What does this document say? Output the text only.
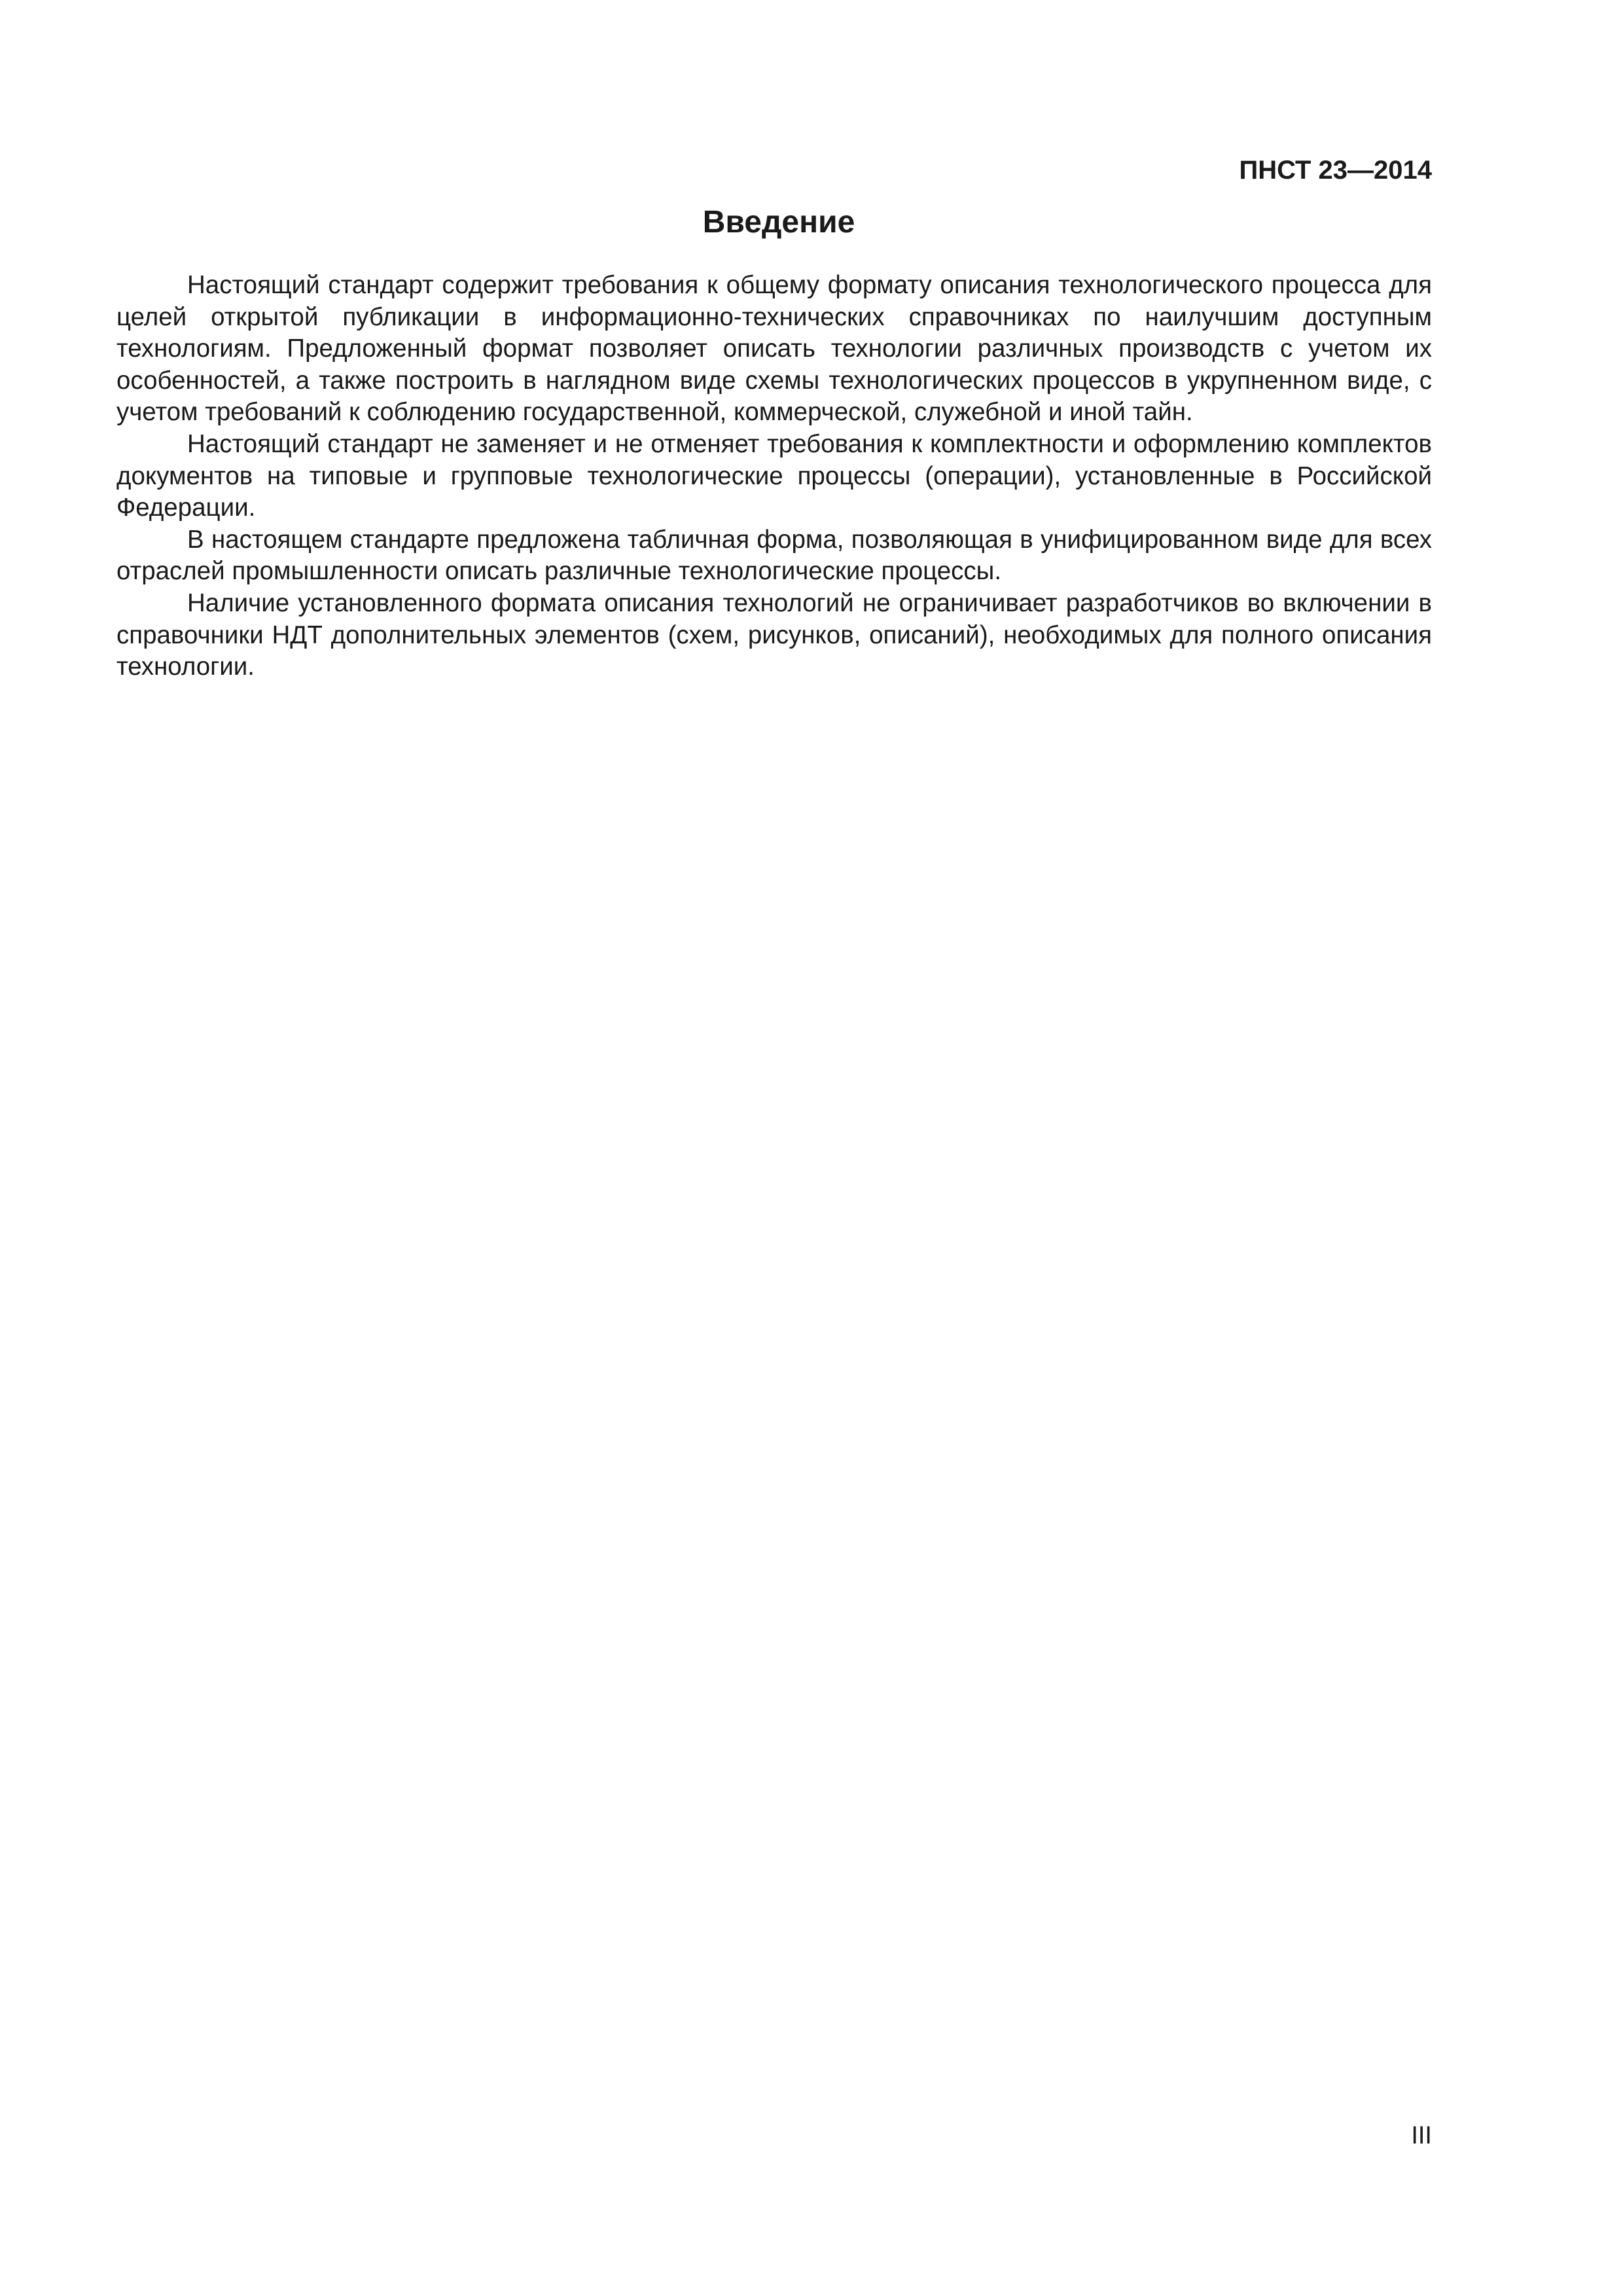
ПНСТ 23—2014
Введение

Настоящий стандарт содержит требования к общему формату описания технологического процесса для целей открытой публикации в информационно-технических справочниках по наилучшим доступным технологиям. Предложенный формат позволяет описать технологии различных производств с учетом их особенностей, а также построить в наглядном виде схемы технологических процессов в укрупненном виде, с учетом требований к соблюдению государственной, коммерческой, служебной и иной тайн.

Настоящий стандарт не заменяет и не отменяет требования к комплектности и оформлению комплектов документов на типовые и групповые технологические процессы (операции), установленные в Российской Федерации.

В настоящем стандарте предложена табличная форма, позволяющая в унифицированном виде для всех отраслей промышленности описать различные технологические процессы.

Наличие установленного формата описания технологий не ограничивает разработчиков во включении в справочники НДТ дополнительных элементов (схем, рисунков, описаний), необходимых для полного описания технологии.

III
